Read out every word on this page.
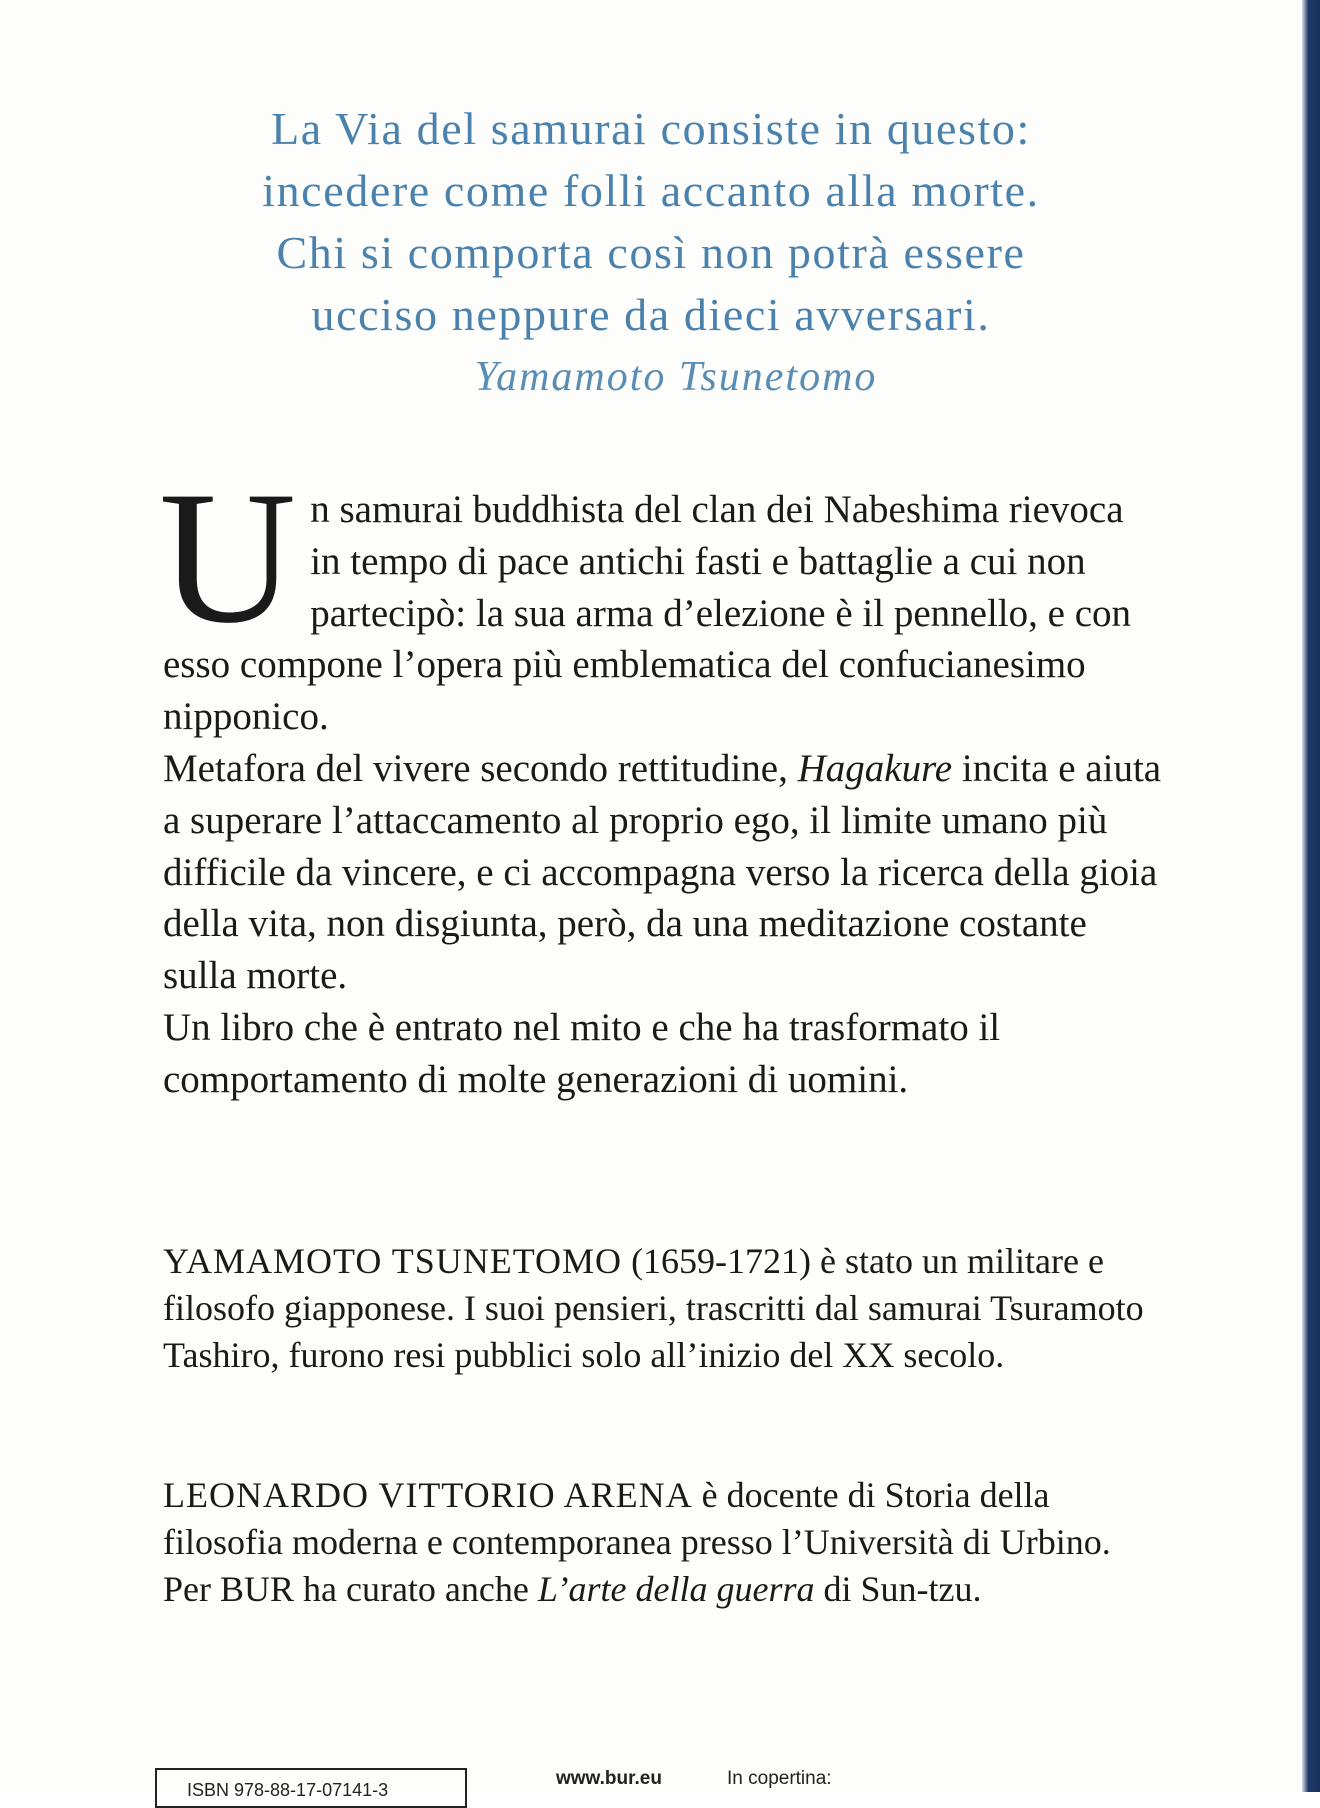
La Via del samurai consiste in questo:
incedere come folli accanto alla morte.
Chi si comporta così non potrà essere
ucciso neppure da dieci avversari.
Yamamoto Tsunetomo

Un samurai buddhista del clan dei Nabeshima rievoca in tempo di pace antichi fasti e battaglie a cui non partecipò: la sua arma d’elezione è il pennello, e con esso compone l’opera più emblematica del confucianesimo nipponico.

Metafora del vivere secondo rettitudine, Hagakure incita e aiuta a superare l’attaccamento al proprio ego, il limite umano più difficile da vincere, e ci accompagna verso la ricerca della gioia della vita, non disgiunta, però, da una meditazione costante sulla morte.

Un libro che è entrato nel mito e che ha trasformato il comportamento di molte generazioni di uomini.

YAMAMOTO TSUNETOMO (1659-1721) è stato un militare e filosofo giapponese. I suoi pensieri, trascritti dal samurai Tsuramoto Tashiro, furono resi pubblici solo all’inizio del XX secolo.
LEONARDO VITTORIO ARENA è docente di Storia della filosofia moderna e contemporanea presso l’Università di Urbino. Per BUR ha curato anche L’arte della guerra di Sun-tzu.
ISBN 978-88-17-07141-3
www.bur.eu	In copertina:
